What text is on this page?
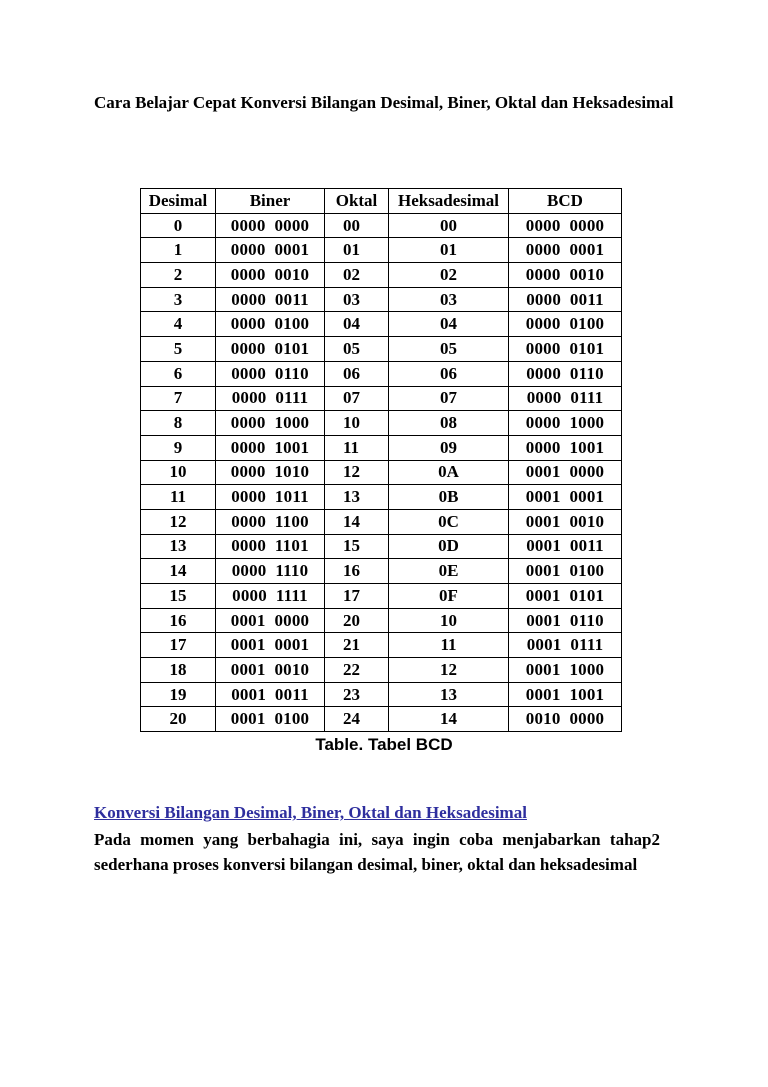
Cara Belajar Cepat Konversi Bilangan Desimal, Biner, Oktal dan Heksadesimal
Desimal	Biner	Oktal	Heksadesimal	BCD
0	0000  0000	00	00	0000  0000
1	0000  0001	01	01	0000  0001
2	0000  0010	02	02	0000  0010
3	0000  0011	03	03	0000  0011
4	0000  0100	04	04	0000  0100
5	0000  0101	05	05	0000  0101
6	0000  0110	06	06	0000  0110
7	0000  0111	07	07	0000  0111
8	0000  1000	10	08	0000  1000
9	0000  1001	11	09	0000  1001
10	0000  1010	12	0A	0001  0000
11	0000  1011	13	0B	0001  0001
12	0000  1100	14	0C	0001  0010
13	0000  1101	15	0D	0001  0011
14	0000  1110	16	0E	0001  0100
15	0000  1111	17	0F	0001  0101
16	0001  0000	20	10	0001  0110
17	0001  0001	21	11	0001  0111
18	0001  0010	22	12	0001  1000
19	0001  0011	23	13	0001  1001
20	0001  0100	24	14	0010  0000

Table. Tabel BCD

Konversi Bilangan Desimal, Biner, Oktal dan Heksadesimal

Pada momen yang berbahagia ini, saya ingin coba menjabarkan tahap2 sederhana proses konversi bilangan desimal, biner, oktal dan heksadesimal
